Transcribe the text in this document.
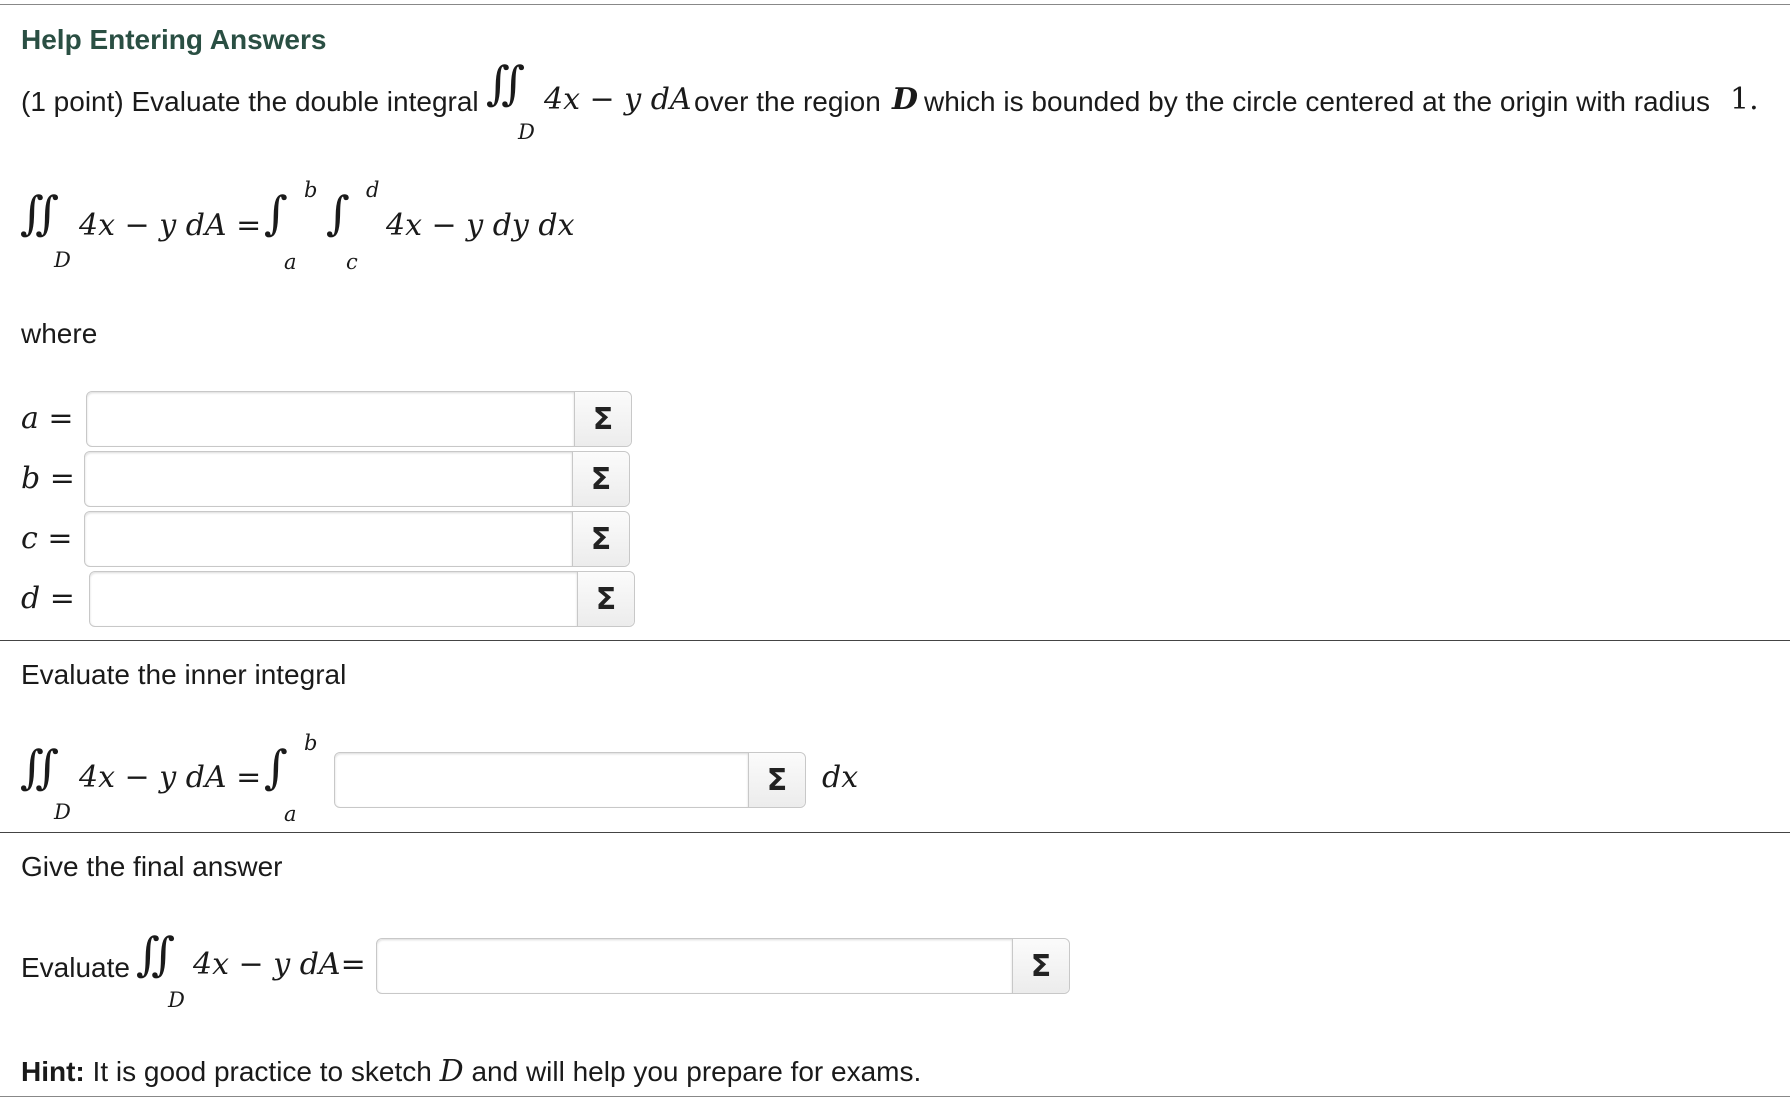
Help Entering Answers
(1 point) Evaluate the double integral ∬
D
4x − y dA over the region D which is bounded by the circle centered at the origin with radius 1.
∬
D
4x − y dA = ∫ b
a
∫ d
c
4x − y dy dx
where
a =	Σ
b =	Σ
c =	Σ
d =	Σ
Evaluate the inner integral
∬
D
4x − y dA = ∫ b
a
Σ	dx
Give the final answer
Evaluate ∬
D
4x − y dA=	Σ
Hint: It is good practice to sketch D and will help you prepare for exams.
